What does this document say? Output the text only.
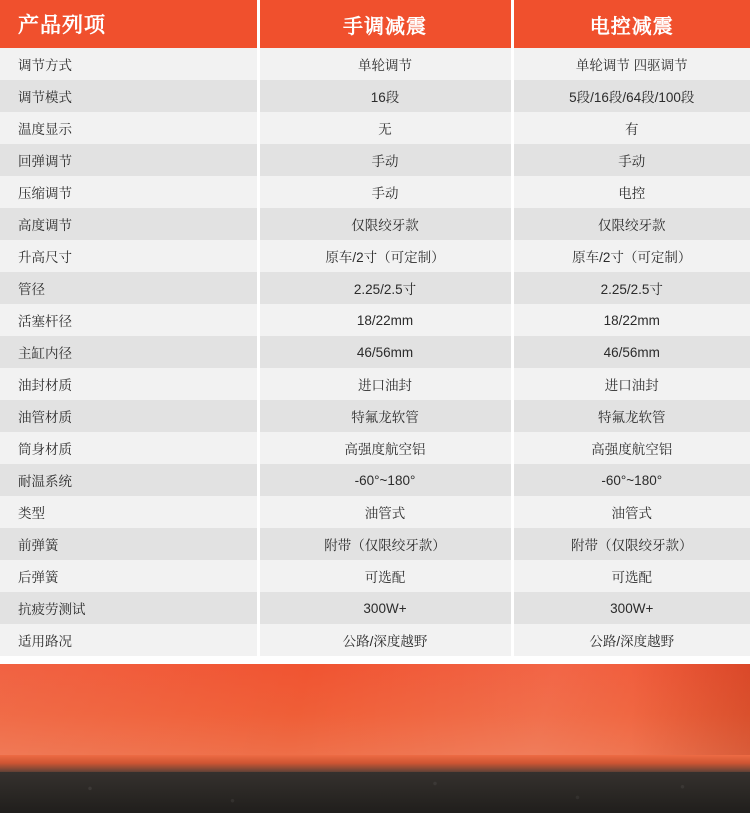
产品列项	手调减震	电控减震
调节方式	单轮调节	单轮调节 四驱调节
调节模式	16段	5段/16段/64段/100段
温度显示	无	有
回弹调节	手动	手动
压缩调节	手动	电控
高度调节	仅限绞牙款	仅限绞牙款
升高尺寸	原车/2寸（可定制）	原车/2寸（可定制）
管径	2.25/2.5寸	2.25/2.5寸
活塞杆径	18/22mm	18/22mm
主缸内径	46/56mm	46/56mm
油封材质	进口油封	进口油封
油管材质	特氟龙软管	特氟龙软管
筒身材质	高强度航空铝	高强度航空铝
耐温系统	-60°~180°	-60°~180°
类型	油管式	油管式
前弹簧	附带（仅限绞牙款）	附带（仅限绞牙款）
后弹簧	可选配	可选配
抗疲劳测试	300W+	300W+
适用路况	公路/深度越野	公路/深度越野
